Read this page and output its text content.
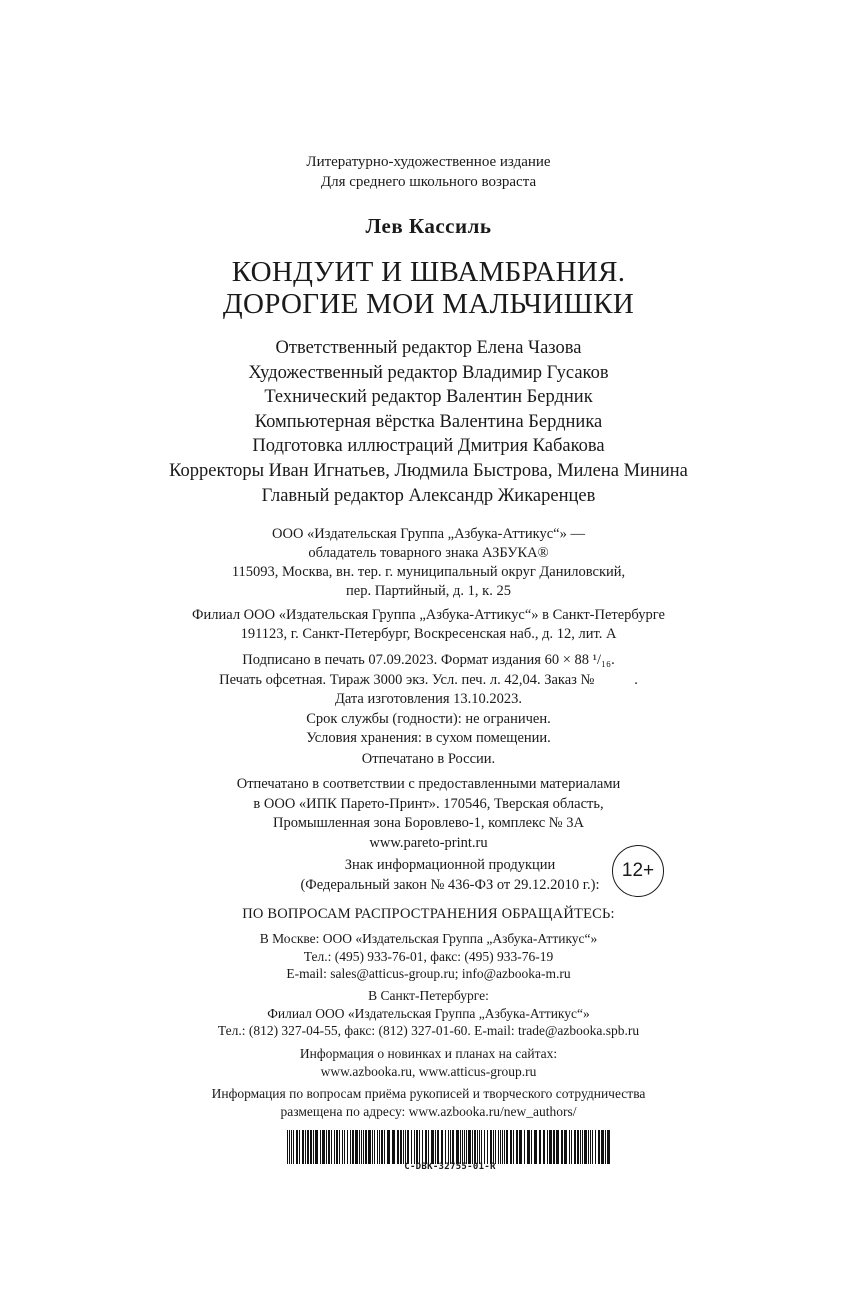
Литературно-художественное издание
Для среднего школьного возраста
Лев Кассиль
КОНДУИТ И ШВАМБРАНИЯ.
ДОРОГИЕ МОИ МАЛЬЧИШКИ
Ответственный редактор Елена Чазова
Художественный редактор Владимир Гусаков
Технический редактор Валентин Бердник
Компьютерная вёрстка Валентина Бердника
Подготовка иллюстраций Дмитрия Кабакова
Корректоры Иван Игнатьев, Людмила Быстрова, Милена Минина
Главный редактор Александр Жикаренцев
ООО «Издательская Группа „Азбука-Аттикус“» —
обладатель товарного знака АЗБУКА®
115093, Москва, вн. тер. г. муниципальный округ Даниловский,
пер. Партийный, д. 1, к. 25
Филиал ООО «Издательская Группа „Азбука-Аттикус“» в Санкт-Петербурге
191123, г. Санкт-Петербург, Воскресенская наб., д. 12, лит. А
Подписано в печать 07.09.2023. Формат издания 60 × 88 ¹/₁₆.
Печать офсетная. Тираж 3000 экз. Усл. печ. л. 42,04. Заказ №           .
Дата изготовления 13.10.2023.
Срок службы (годности): не ограничен.
Условия хранения: в сухом помещении.
Отпечатано в России.
Отпечатано в соответствии с предоставленными материалами
в ООО «ИПК Парето-Принт». 170546, Тверская область,
Промышленная зона Боровлево-1, комплекс № 3А
www.pareto-print.ru
Знак информационной продукции
(Федеральный закон № 436-ФЗ от 29.12.2010 г.):
12+
ПО ВОПРОСАМ РАСПРОСТРАНЕНИЯ ОБРАЩАЙТЕСЬ:
В Москве: ООО «Издательская Группа „Азбука-Аттикус“»
Тел.: (495) 933-76-01, факс: (495) 933-76-19
E-mail: sales@atticus-group.ru; info@azbooka-m.ru
В Санкт-Петербурге:
Филиал ООО «Издательская Группа „Азбука-Аттикус“»
Тел.: (812) 327-04-55, факс: (812) 327-01-60. E-mail: trade@azbooka.spb.ru
Информация о новинках и планах на сайтах:
www.azbooka.ru, www.atticus-group.ru
Информация по вопросам приёма рукописей и творческого сотрудничества
размещена по адресу: www.azbooka.ru/new_authors/
C-DBK-32755-01-R
